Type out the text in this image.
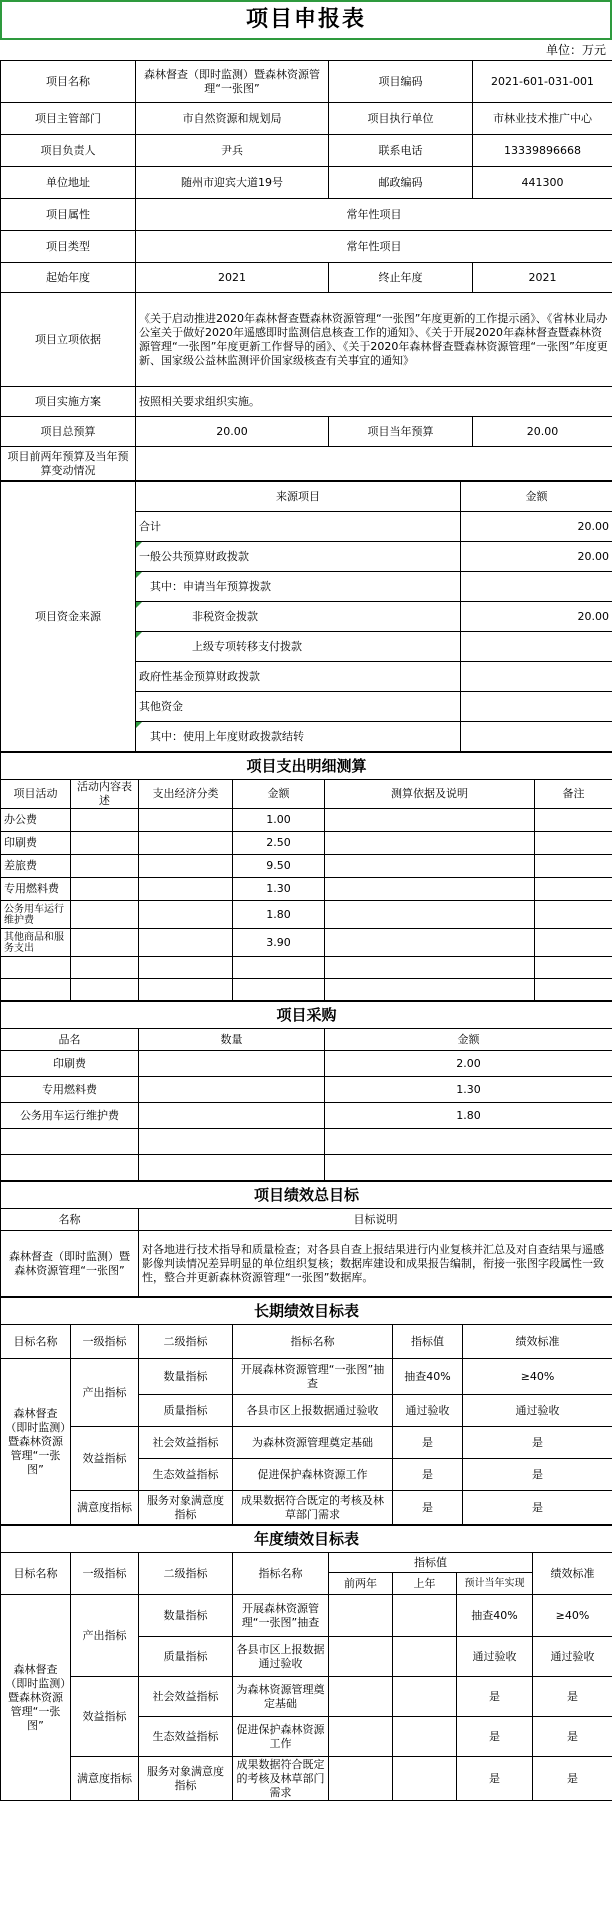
项目申报表
单位：万元
项目名称	森林督查（即时监测）暨森林资源管理“一张图”	项目编码	2021-601-031-001
项目主管部门	市自然资源和规划局	项目执行单位	市林业技术推广中心
项目负责人	尹兵	联系电话	13339896668
单位地址	随州市迎宾大道19号	邮政编码	441300
项目属性	常年性项目		
项目类型	常年性项目		
起始年度	2021	终止年度	2021
项目立项依据	《关于启动推进2020年森林督查暨森林资源管理“一张图”年度更新的工作提示函》、《省林业局办公室关于做好2020年遥感即时监测信息核查工作的通知》、《关于开展2020年森林督查暨森林资源管理“一张图”年度更新工作督导的函》、《关于2020年森林督查暨森林资源管理“一张图”年度更新、国家级公益林监测评价国家级核查有关事宜的通知》		
项目实施方案	按照相关要求组织实施。		
项目总预算	20.00	项目当年预算	20.00
项目前两年预算及当年预算变动情况			
项目资金来源	来源项目	金额
	合计	20.00
	一般公共预算财政拨款	20.00
	其中：申请当年预算拨款	
	非税资金拨款	20.00
	上级专项转移支付拨款	
	政府性基金预算财政拨款	
	其他资金	
	其中：使用上年度财政拨款结转	
项目支出明细测算					
项目活动	活动内容表述	支出经济分类	金额	测算依据及说明	备注
办公费			1.00		
印刷费			2.50		
差旅费			9.50		
专用燃料费			1.30		
公务用车运行维护费			1.80		
其他商品和服务支出			3.90		

项目采购		
品名	数量	金额
印刷费		2.00
专用燃料费		1.30
公务用车运行维护费		1.80

项目绩效总目标	
名称	目标说明
森林督查（即时监测）暨森林资源管理“一张图”	对各地进行技术指导和质量检查；对各县自查上报结果进行内业复核并汇总及对自查结果与遥感影像判读情况差异明显的单位组织复核；数据库建设和成果报告编制，衔接一张图字段属性一致性，整合并更新森林资源管理“一张图”数据库。
长期绩效目标表					
目标名称	一级指标	二级指标	指标名称	指标值	绩效标准
森林督查（即时监测）暨森林资源管理“一张图”	产出指标	数量指标	开展森林资源管理“一张图”抽查	抽查40%	≥40%
		质量指标	各县市区上报数据通过验收	通过验收	通过验收
	效益指标	社会效益指标	为森林资源管理奠定基础	是	是
		生态效益指标	促进保护森林资源工作	是	是
	满意度指标	服务对象满意度指标	成果数据符合既定的考核及林草部门需求	是	是
年度绩效目标表							
目标名称	一级指标	二级指标	指标名称	指标值			绩效标准
				前两年	上年	预计当年实现	
森林督查（即时监测）暨森林资源管理“一张图”	产出指标	数量指标	开展森林资源管理“一张图”抽查			抽查40%	≥40%
		质量指标	各县市区上报数据通过验收			通过验收	通过验收
	效益指标	社会效益指标	为森林资源管理奠定基础			是	是
		生态效益指标	促进保护森林资源工作			是	是
	满意度指标	服务对象满意度指标	成果数据符合既定的考核及林草部门需求			是	是
